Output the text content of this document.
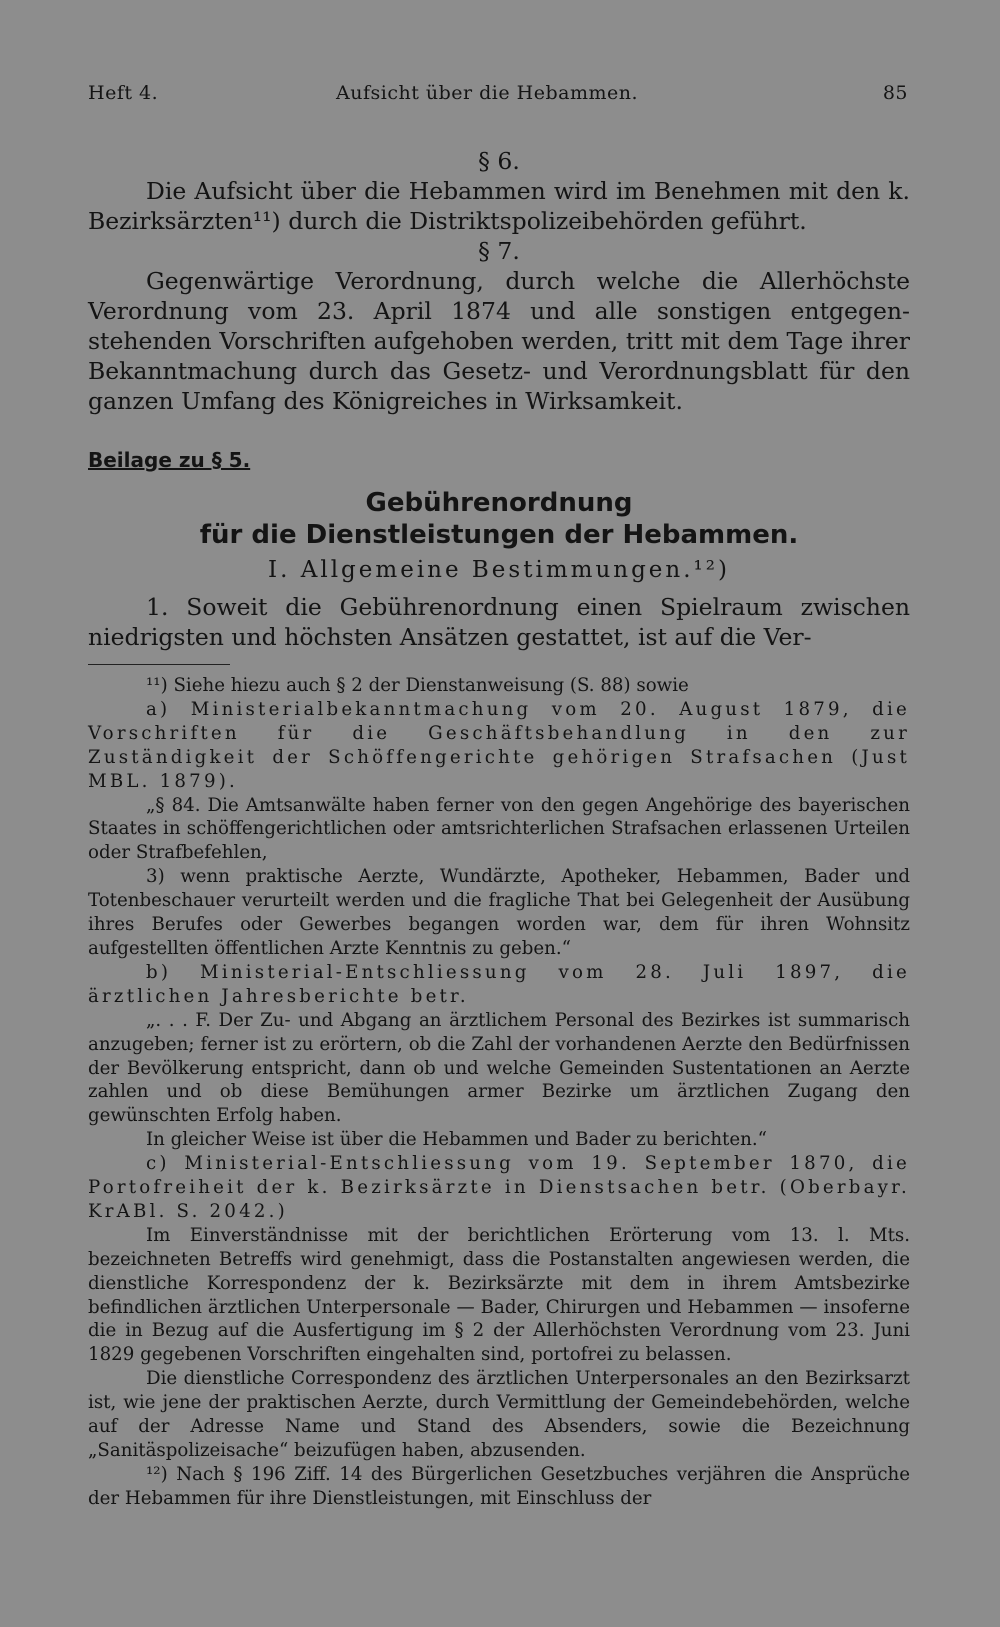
Heft 4.	Aufsicht über die Hebammen.	85

§ 6.

Die Aufsicht über die Hebammen wird im Benehmen mit den k. Bezirksärzten¹¹) durch die Distriktspolizeibehörden geführt.

§ 7.

Gegenwärtige Verordnung, durch welche die Allerhöchste Verordnung vom 23. April 1874 und alle sonstigen entgegen-stehenden Vorschriften aufgehoben werden, tritt mit dem Tage ihrer Bekanntmachung durch das Gesetz- und Verordnungsblatt für den ganzen Umfang des Königreiches in Wirksamkeit.

Beilage zu § 5.
Gebührenordnung
für die Dienstleistungen der Hebammen.
I. Allgemeine Bestimmungen.¹²)

1. Soweit die Gebührenordnung einen Spielraum zwischen niedrigsten und höchsten Ansätzen gestattet, ist auf die Ver-

¹¹) Siehe hiezu auch § 2 der Dienstanweisung (S. 88) sowie

a) Ministerialbekanntmachung vom 20. August 1879, die Vorschriften für die Geschäftsbehandlung in den zur Zuständigkeit der Schöffengerichte gehörigen Strafsachen (Just MBL. 1879).

„§ 84. Die Amtsanwälte haben ferner von den gegen Angehörige des bayerischen Staates in schöffengerichtlichen oder amtsrichterlichen Strafsachen erlassenen Urteilen oder Strafbefehlen,

3) wenn praktische Aerzte, Wundärzte, Apotheker, Hebammen, Bader und Totenbeschauer verurteilt werden und die fragliche That bei Gelegenheit der Ausübung ihres Berufes oder Gewerbes begangen worden war, dem für ihren Wohnsitz aufgestellten öffentlichen Arzte Kenntnis zu geben.“

b) Ministerial-Entschliessung vom 28. Juli 1897, die ärztlichen Jahresberichte betr.

„. . . F. Der Zu- und Abgang an ärztlichem Personal des Bezirkes ist summarisch anzugeben; ferner ist zu erörtern, ob die Zahl der vorhandenen Aerzte den Bedürfnissen der Bevölkerung entspricht, dann ob und welche Gemeinden Sustentationen an Aerzte zahlen und ob diese Bemühungen armer Bezirke um ärztlichen Zugang den gewünschten Erfolg haben.

In gleicher Weise ist über die Hebammen und Bader zu berichten.“

c) Ministerial-Entschliessung vom 19. September 1870, die Portofreiheit der k. Bezirksärzte in Dienstsachen betr. (Oberbayr. KrABl. S. 2042.)

Im Einverständnisse mit der berichtlichen Erörterung vom 13. l. Mts. bezeichneten Betreffs wird genehmigt, dass die Postanstalten angewiesen werden, die dienstliche Korrespondenz der k. Bezirksärzte mit dem in ihrem Amtsbezirke befindlichen ärztlichen Unterpersonale — Bader, Chirurgen und Hebammen — insoferne die in Bezug auf die Ausfertigung im § 2 der Allerhöchsten Verordnung vom 23. Juni 1829 gegebenen Vorschriften eingehalten sind, portofrei zu belassen.

Die dienstliche Correspondenz des ärztlichen Unterpersonales an den Bezirksarzt ist, wie jene der praktischen Aerzte, durch Vermittlung der Gemeindebehörden, welche auf der Adresse Name und Stand des Absenders, sowie die Bezeichnung „Sanitäspolizeisache“ beizufügen haben, abzusenden.

¹²) Nach § 196 Ziff. 14 des Bürgerlichen Gesetzbuches verjähren die Ansprüche der Hebammen für ihre Dienstleistungen, mit Einschluss der
